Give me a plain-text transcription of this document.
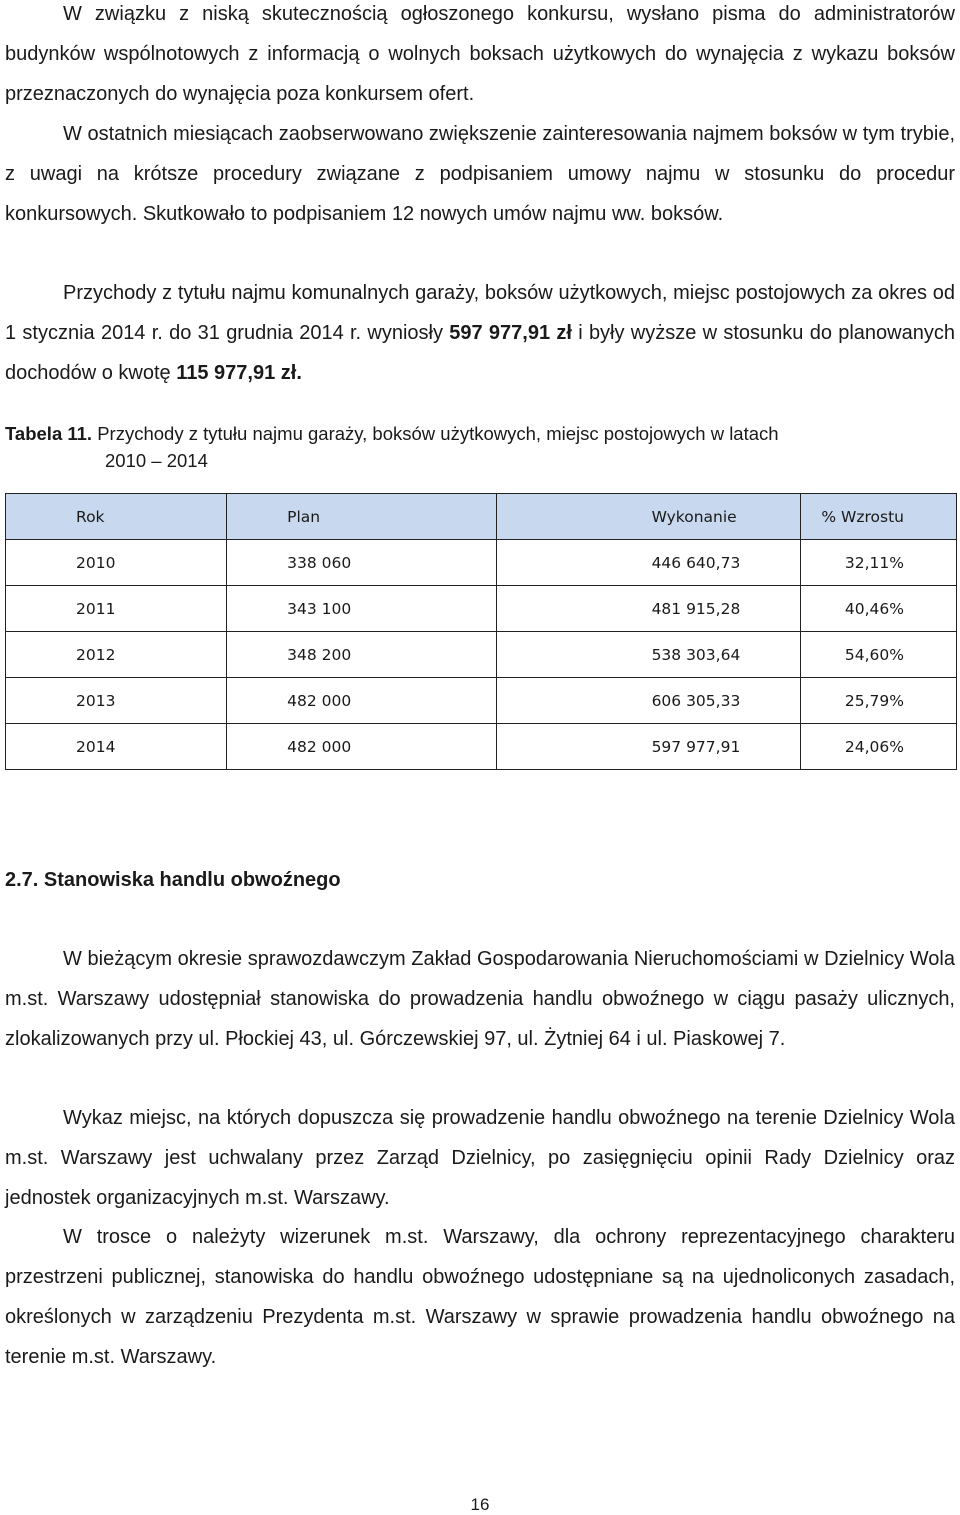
W związku z niską skutecznością ogłoszonego konkursu, wysłano pisma do administratorów budynków wspólnotowych z informacją o wolnych boksach użytkowych do wynajęcia z wykazu boksów przeznaczonych do wynajęcia poza konkursem ofert.

W ostatnich miesiącach zaobserwowano zwiększenie zainteresowania najmem boksów w tym trybie, z uwagi na krótsze procedury związane z podpisaniem umowy najmu w stosunku do procedur konkursowych. Skutkowało to podpisaniem 12 nowych umów najmu ww. boksów.

Przychody z tytułu najmu komunalnych garaży, boksów użytkowych, miejsc postojowych za okres od 1 stycznia 2014 r. do 31 grudnia 2014 r. wyniosły 597 977,91 zł i były wyższe w stosunku do planowanych dochodów o kwotę 115 977,91 zł.

Tabela 11. Przychody z tytułu najmu garaży, boksów użytkowych, miejsc postojowych w latach
2010 – 2014

Rok	Plan	Wykonanie	% Wzrostu
2010	338 060	446 640,73	32,11%
2011	343 100	481 915,28	40,46%
2012	348 200	538 303,64	54,60%
2013	482 000	606 305,33	25,79%
2014	482 000	597 977,91	24,06%
2.7. Stanowiska handlu obwoźnego

W bieżącym okresie sprawozdawczym Zakład Gospodarowania Nieruchomościami w Dzielnicy Wola m.st. Warszawy udostępniał stanowiska do prowadzenia handlu obwoźnego w ciągu pasaży ulicznych, zlokalizowanych przy ul. Płockiej 43, ul. Górczewskiej 97, ul. Żytniej 64 i ul. Piaskowej 7.

Wykaz miejsc, na których dopuszcza się prowadzenie handlu obwoźnego na terenie Dzielnicy Wola m.st. Warszawy jest uchwalany przez Zarząd Dzielnicy, po zasięgnięciu opinii Rady Dzielnicy oraz jednostek organizacyjnych m.st. Warszawy.

W trosce o należyty wizerunek m.st. Warszawy, dla ochrony reprezentacyjnego charakteru przestrzeni publicznej, stanowiska do handlu obwoźnego udostępniane są na ujednoliconych zasadach, określonych w zarządzeniu Prezydenta m.st. Warszawy w sprawie prowadzenia handlu obwoźnego na terenie m.st. Warszawy.

16
